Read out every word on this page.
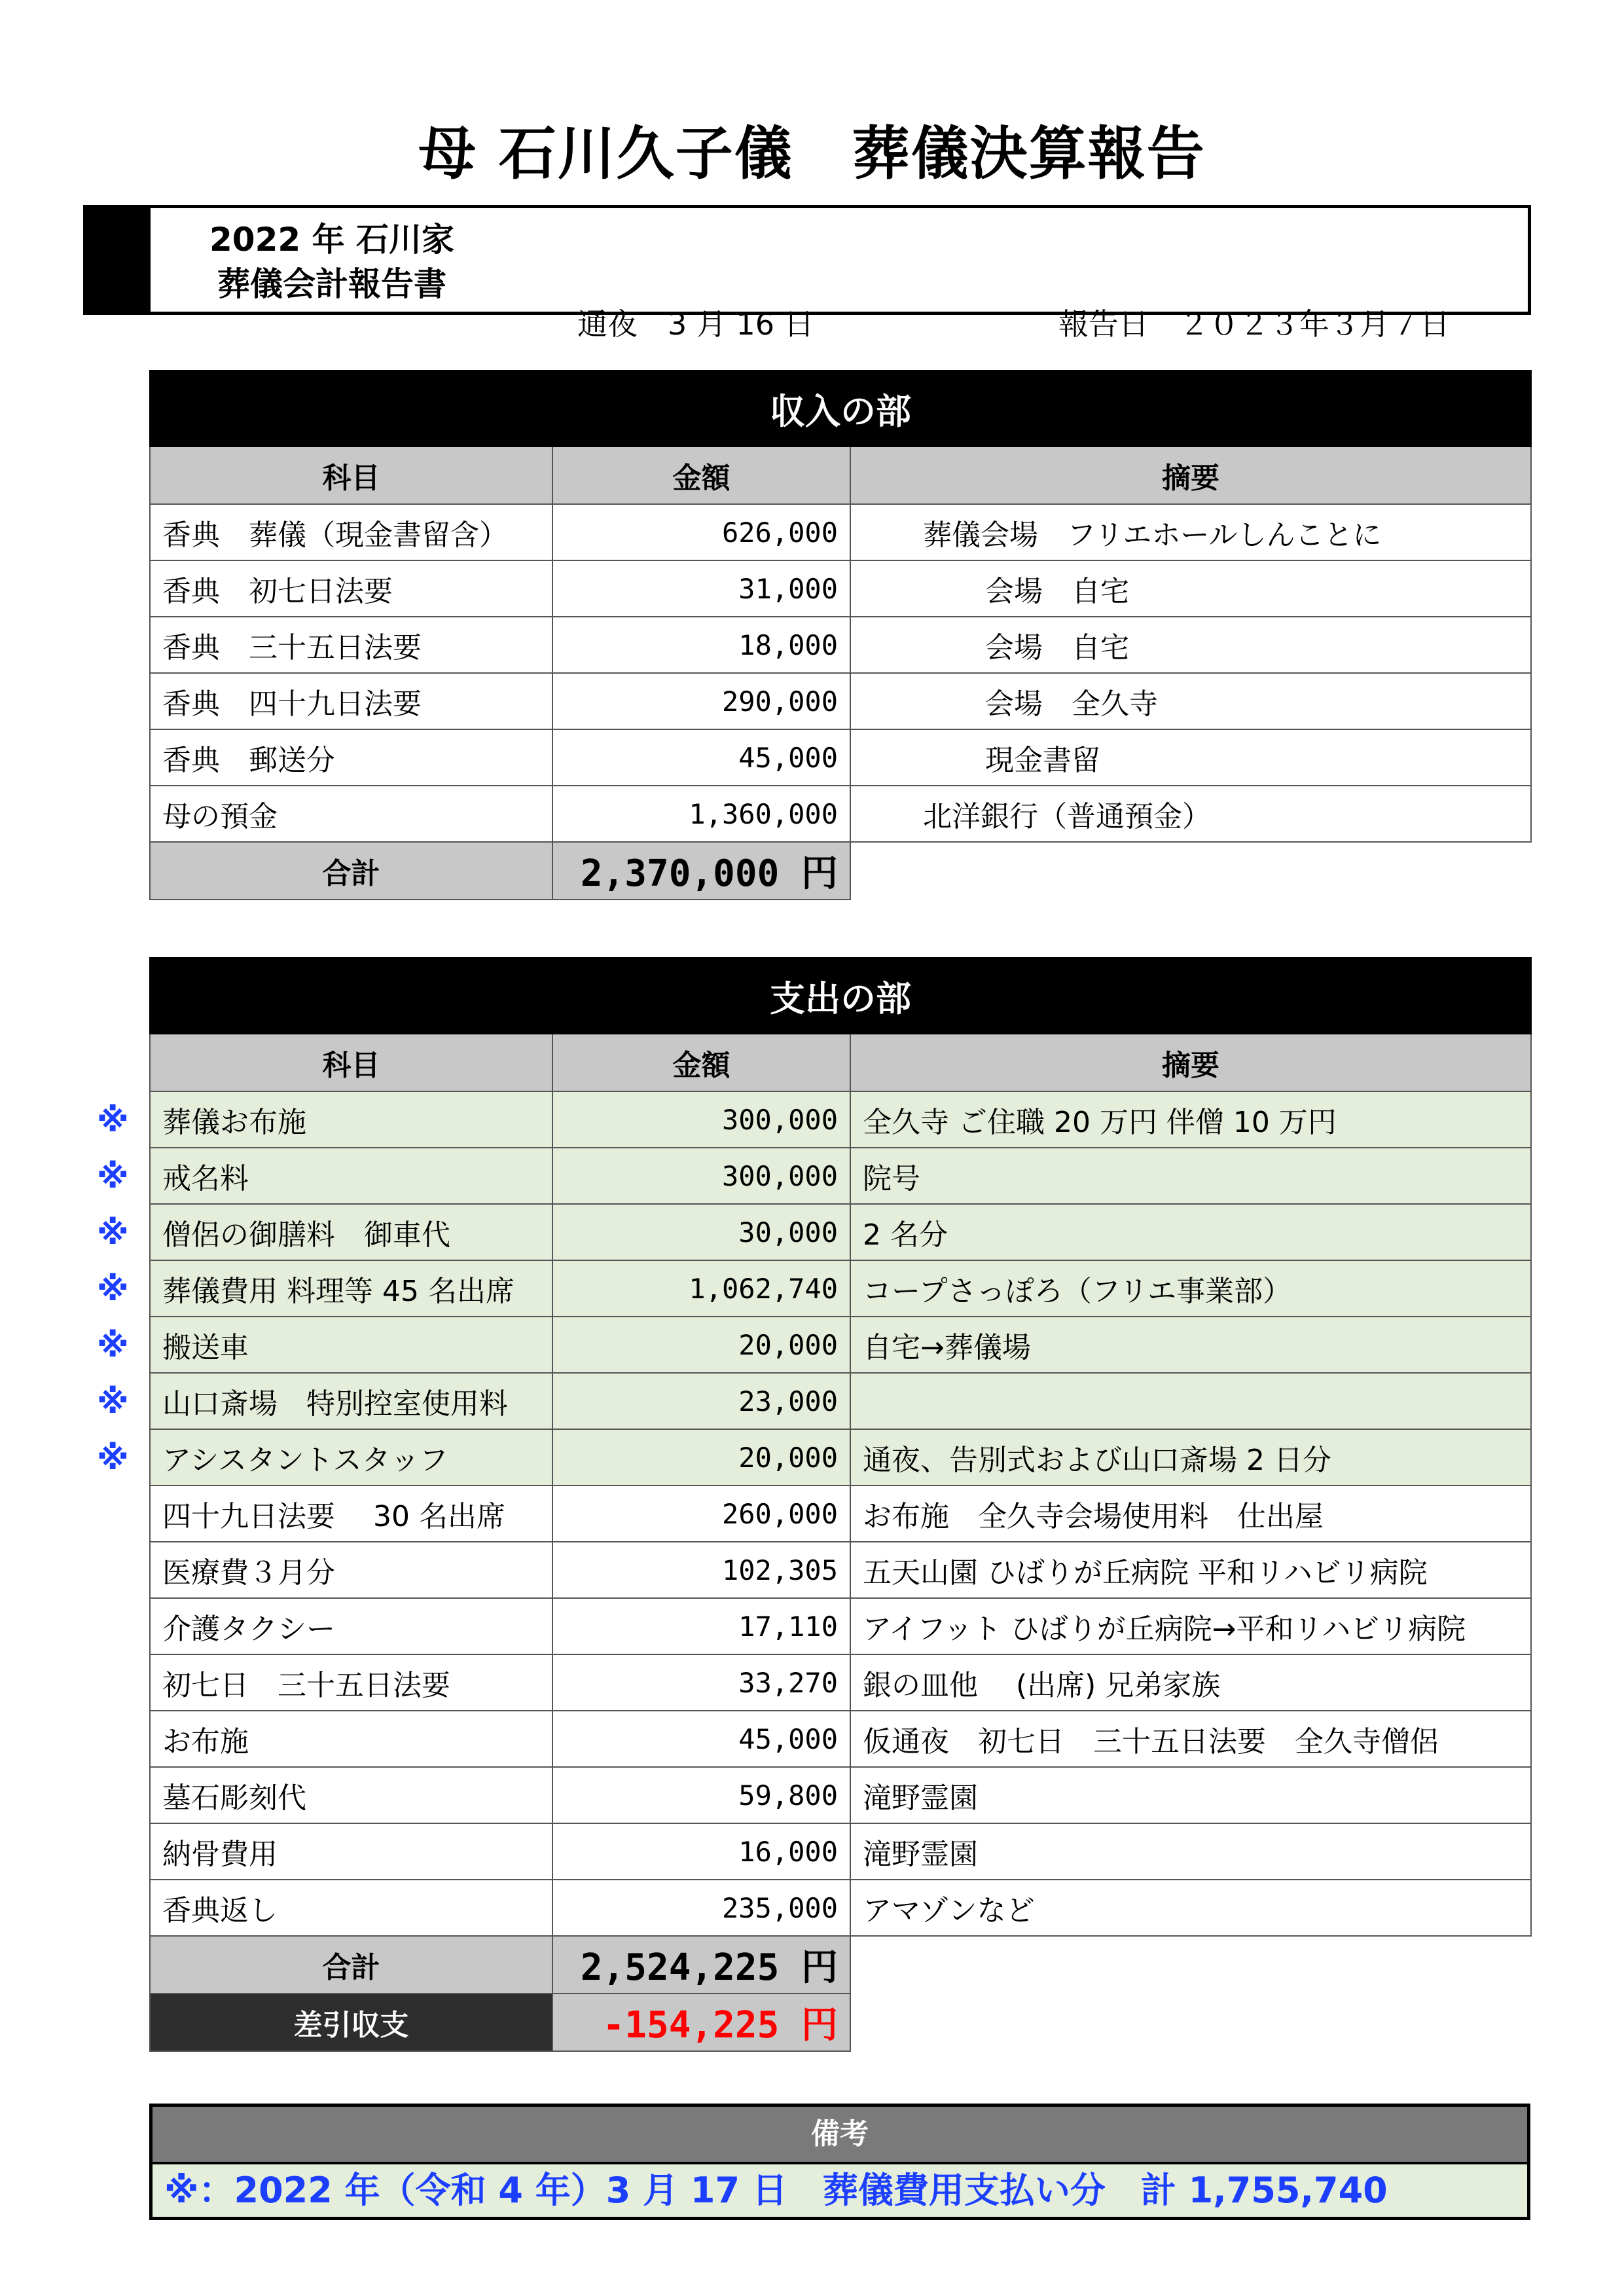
母 石川久子儀　葬儀決算報告
2022 年 石川家
葬儀会計報告書

通夜　3 月 16 日

	報告日　２０２３年３月７日

収入の部		
科目	金額	摘要
香典　葬儀（現金書留含）	626,000	葬儀会場　フリエホールしんことに
香典　初七日法要	31,000	会場　自宅
香典　三十五日法要	18,000	会場　自宅
香典　四十九日法要	290,000	会場　全久寺
香典　郵送分	45,000	現金書留
母の預金	1,360,000	北洋銀行（普通預金）
合計	2,370,000 円	
※
※
※
※
※
※
※
支出の部		
科目	金額	摘要
葬儀お布施	300,000	全久寺 ご住職 20 万円 伴僧 10 万円
戒名料	300,000	院号
僧侶の御膳料　御車代	30,000	2 名分
葬儀費用 料理等 45 名出席	1,062,740	コープさっぽろ（フリエ事業部）
搬送車	20,000	自宅→葬儀場
山口斎場　特別控室使用料	23,000	
アシスタントスタッフ	20,000	通夜、告別式および山口斎場 2 日分
四十九日法要　 30 名出席	260,000	お布施　全久寺会場使用料　仕出屋
医療費３月分	102,305	五天山園 ひばりが丘病院 平和リハビリ病院
介護タクシー	17,110	アイフット ひばりが丘病院→平和リハビリ病院
初七日　三十五日法要	33,270	銀の皿他　 (出席) 兄弟家族
お布施	45,000	仮通夜　初七日　三十五日法要　全久寺僧侶
墓石彫刻代	59,800	滝野霊園
納骨費用	16,000	滝野霊園
香典返し	235,000	アマゾンなど
合計	2,524,225 円	
差引収支	-154,225 円	
備考
※：2022 年（令和 4 年）3 月 17 日　葬儀費用支払い分　計 1,755,740
